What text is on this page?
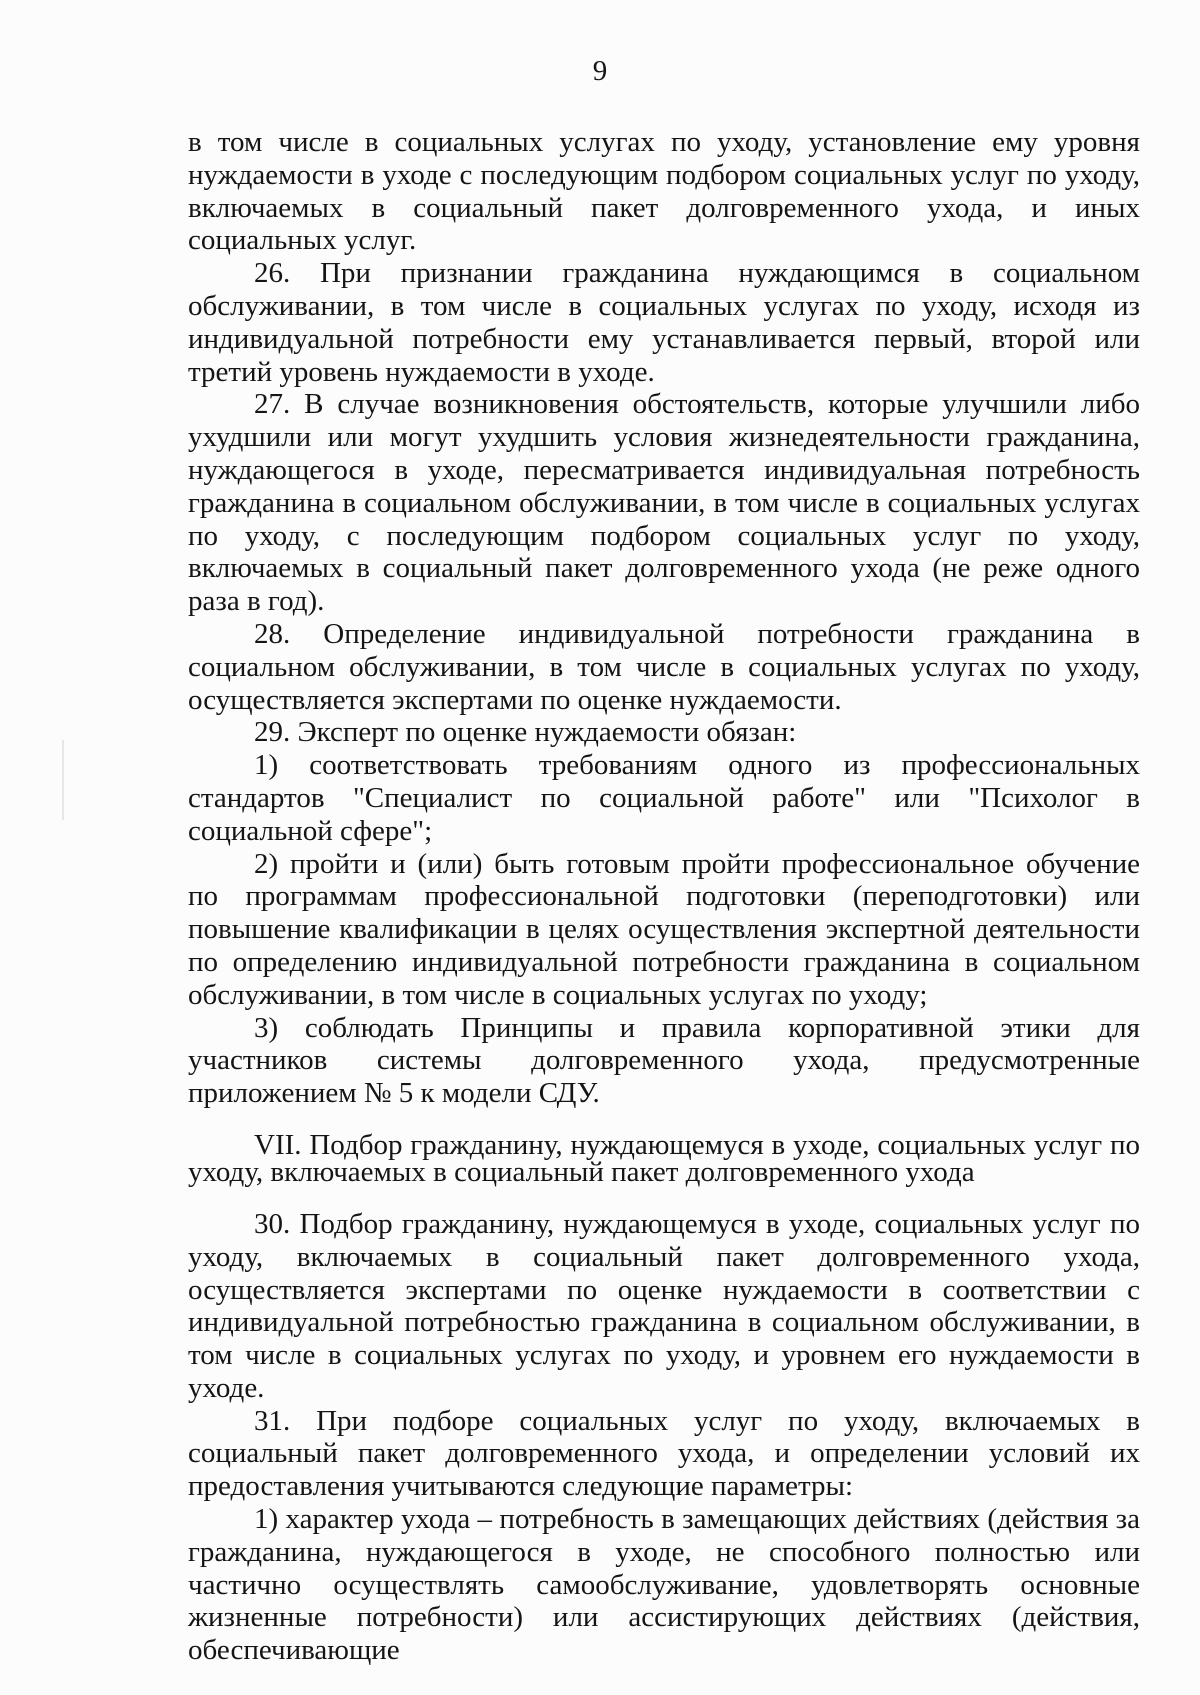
9

в том числе в социальных услугах по уходу, установление ему уровня нуждаемости в уходе с последующим подбором социальных услуг по уходу, включаемых в социальный пакет долговременного ухода, и иных социальных услуг.

26. При признании гражданина нуждающимся в социальном обслуживании, в том числе в социальных услугах по уходу, исходя из индивидуальной потребности ему устанавливается первый, второй или третий уровень нуждаемости в уходе.

27. В случае возникновения обстоятельств, которые улучшили либо ухудшили или могут ухудшить условия жизнедеятельности гражданина, нуждающегося в уходе, пересматривается индивидуальная потребность гражданина в социальном обслуживании, в том числе в социальных услугах по уходу, с последующим подбором социальных услуг по уходу, включаемых в социальный пакет долговременного ухода (не реже одного раза в год).

28. Определение индивидуальной потребности гражданина в социальном обслуживании, в том числе в социальных услугах по уходу, осуществляется экспертами по оценке нуждаемости.

29. Эксперт по оценке нуждаемости обязан:

1) соответствовать требованиям одного из профессиональных стандартов "Специалист по социальной работе" или "Психолог в социальной сфере";

2) пройти и (или) быть готовым пройти профессиональное обучение по программам профессиональной подготовки (переподготовки) или повышение квалификации в целях осуществления экспертной деятельности по определению индивидуальной потребности гражданина в социальном обслуживании, в том числе в социальных услугах по уходу;

3) соблюдать Принципы и правила корпоративной этики для участников системы долговременного ухода, предусмотренные приложением № 5 к модели СДУ.

VII. Подбор гражданину, нуждающемуся в уходе, социальных услуг по уходу, включаемых в социальный пакет долговременного ухода

30. Подбор гражданину, нуждающемуся в уходе, социальных услуг по уходу, включаемых в социальный пакет долговременного ухода, осуществляется экспертами по оценке нуждаемости в соответствии с индивидуальной потребностью гражданина в социальном обслуживании, в том числе в социальных услугах по уходу, и уровнем его нуждаемости в уходе.

31. При подборе социальных услуг по уходу, включаемых в социальный пакет долговременного ухода, и определении условий их предоставления учитываются следующие параметры:

1) характер ухода – потребность в замещающих действиях (действия за гражданина, нуждающегося в уходе, не способного полностью или частично осуществлять самообслуживание, удовлетворять основные жизненные потребности) или ассистирующих действиях (действия, обеспечивающие
